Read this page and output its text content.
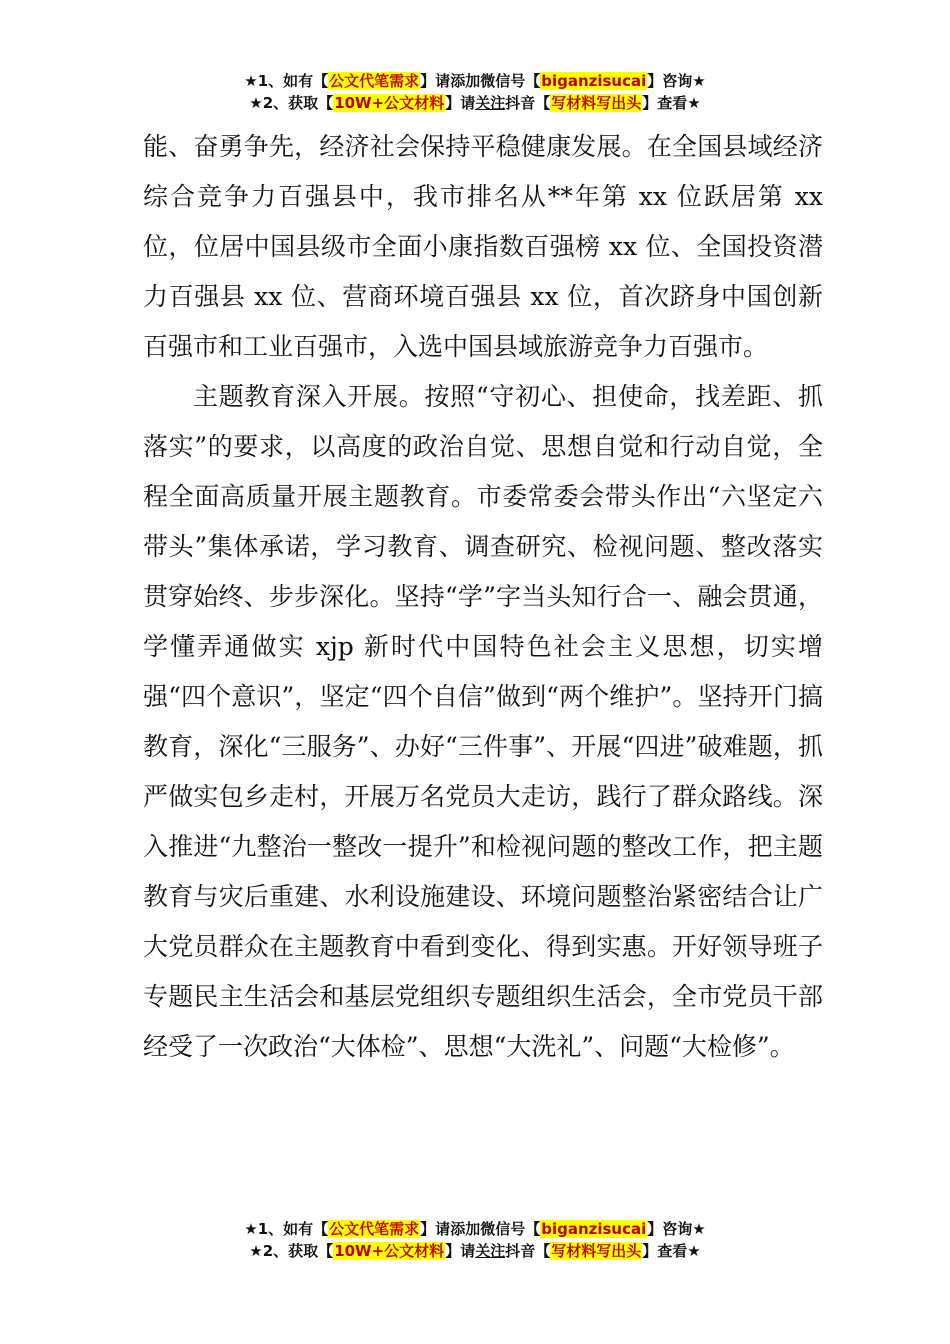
★1、如有【公文代笔需求】请添加微信号【biganzisucai】咨询★
★2、获取【10W+公文材料】请关注抖音【写材料写出头】查看★

能、奋勇争先，经济社会保持平稳健康发展。在全国县域经济综合竞争力百强县中，我市排名从**年第 xx 位跃居第 xx 位，位居中国县级市全面小康指数百强榜 xx 位、全国投资潜力百强县 xx 位、营商环境百强县 xx 位，首次跻身中国创新百强市和工业百强市，入选中国县域旅游竞争力百强市。

主题教育深入开展。按照“守初心、担使命，找差距、抓落实”的要求，以高度的政治自觉、思想自觉和行动自觉，全程全面高质量开展主题教育。市委常委会带头作出“六坚定六带头”集体承诺，学习教育、调查研究、检视问题、整改落实贯穿始终、步步深化。坚持“学”字当头知行合一、融会贯通，学懂弄通做实 xjp 新时代中国特色社会主义思想，切实增强“四个意识”，坚定“四个自信”做到“两个维护”。坚持开门搞教育，深化“三服务”、办好“三件事”、开展“四进”破难题，抓严做实包乡走村，开展万名党员大走访，践行了群众路线。深入推进“九整治一整改一提升”和检视问题的整改工作，把主题教育与灾后重建、水利设施建设、环境问题整治紧密结合让广大党员群众在主题教育中看到变化、得到实惠。开好领导班子专题民主生活会和基层党组织专题组织生活会，全市党员干部经受了一次政治“大体检”、思想“大洗礼”、问题“大检修”。

★1、如有【公文代笔需求】请添加微信号【biganzisucai】咨询★
★2、获取【10W+公文材料】请关注抖音【写材料写出头】查看★
